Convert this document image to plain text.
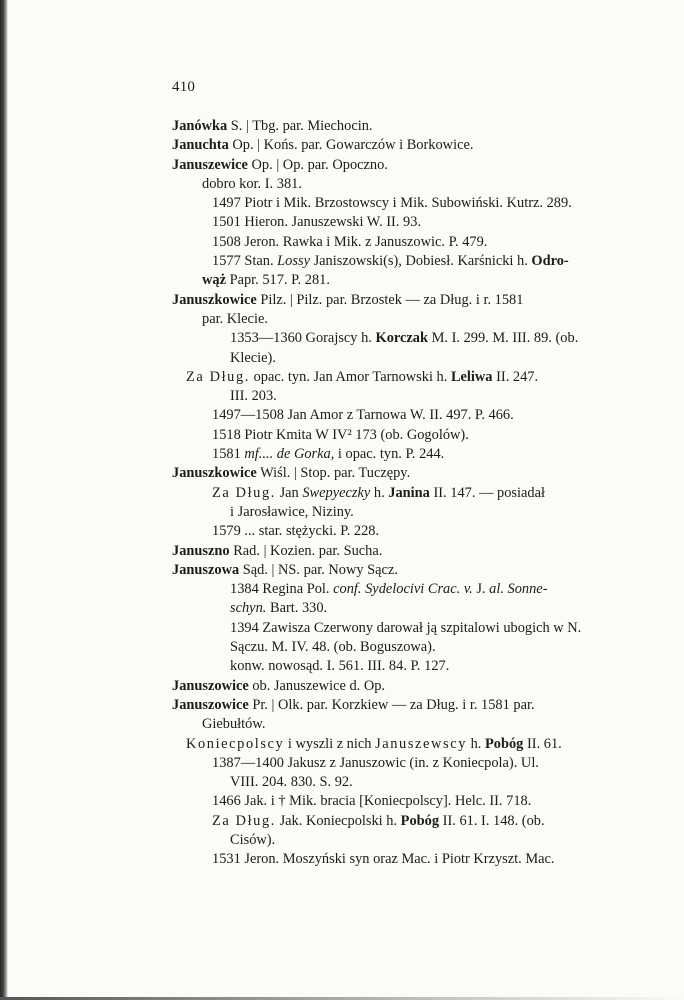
410

Janówka S. | Tbg. par. Miechocin.

Januchta Op. | Końs. par. Gowarczów i Borkowice.

Januszewice Op. | Op. par. Opoczno.

dobro kor. I. 381.

1497 Piotr i Mik. Brzostowscy i Mik. Subowiński. Kutrz. 289.

1501 Hieron. Januszewski W. II. 93.

1508 Jeron. Rawka i Mik. z Januszowic. P. 479.

1577 Stan. Lossy Janiszowski(s), Dobiesł. Karśnicki h. Odro-

wąż Papr. 517. P. 281.

Januszkowice Pilz. | Pilz. par. Brzostek — za Dług. i r. 1581

par. Klecie.

1353—1360 Gorajscy h. Korczak M. I. 299. M. III. 89. (ob.

Klecie).

Za Dług. opac. tyn. Jan Amor Tarnowski h. Leliwa II. 247.

III. 203.

1497—1508 Jan Amor z Tarnowa W. II. 497. P. 466.

1518 Piotr Kmita W IV² 173 (ob. Gogolów).

1581 mf.... de Gorka, i opac. tyn. P. 244.

Januszkowice Wiśl. | Stop. par. Tuczępy.

Za Dług. Jan Swepyeczky h. Janina II. 147. — posiadał

i Jarosławice, Niziny.

1579 ... star. stężycki. P. 228.

Januszno Rad. | Kozien. par. Sucha.

Januszowa Sąd. | NS. par. Nowy Sącz.

1384 Regina Pol. conf. Sydelocivi Crac. v. J. al. Sonne-

schyn. Bart. 330.

1394 Zawisza Czerwony darował ją szpitalowi ubogich w N.

Sączu. M. IV. 48. (ob. Boguszowa).

konw. nowosąd. I. 561. III. 84. P. 127.

Januszowice ob. Januszewice d. Op.

Januszowice Pr. | Olk. par. Korzkiew — za Dług. i r. 1581 par.

Giebułtów.

Koniecpolscy i wyszli z nich Januszewscy h. Pobóg II. 61.

1387—1400 Jakusz z Januszowic (in. z Koniecpola). Ul.

VIII. 204. 830. S. 92.

1466 Jak. i † Mik. bracia [Koniecpolscy]. Helc. II. 718.

Za Dług. Jak. Koniecpolski h. Pobóg II. 61. I. 148. (ob.

Cisów).

1531 Jeron. Moszyński syn oraz Mac. i Piotr Krzyszt. Mac.
